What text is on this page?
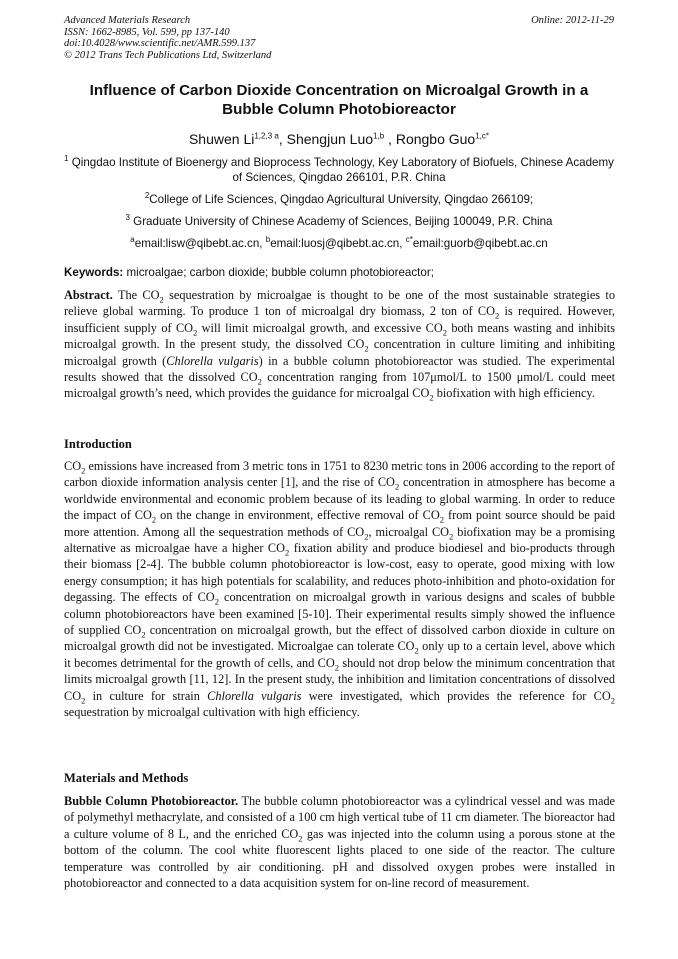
Advanced Materials Research
ISSN: 1662-8985, Vol. 599, pp 137-140
doi:10.4028/www.scientific.net/AMR.599.137
© 2012 Trans Tech Publications Ltd, Switzerland
Online: 2012-11-29
Influence of Carbon Dioxide Concentration on Microalgal Growth in a Bubble Column Photobioreactor
Shuwen $Li^{1,2,3 a}$, Shengjun Luo$^{1,b}$ , Rongbo Guo$^{1,c*}$
$^1$ Qingdao Institute of Bioenergy and Bioprocess Technology, Key Laboratory of Biofuels, Chinese Academy of Sciences, Qingdao 266101, P.R. China
$^2$College of Life Sciences, Qingdao Agricultural University, Qingdao 266109;
$^3$ Graduate University of Chinese Academy of Sciences, Beijing 100049, P.R. China
$^a$email:lisw@qibebt.ac.cn, $^b$email:luosj@qibebt.ac.cn, $^{c*}$email:guorb@qibebt.ac.cn
Keywords: microalgae; carbon dioxide; bubble column photobioreactor;
Abstract. The $CO_2$ sequestration by microalgae is thought to be one of the most sustainable strategies to relieve global warming. To produce 1 ton of microalgal dry biomass, 2 ton of $CO_2$ is required. However, insufficient supply of $CO_2$ will limit microalgal growth, and excessive $CO_2$ both means wasting and inhibits microalgal growth. In the present study, the dissolved $CO_2$ concentration in culture limiting and inhibiting microalgal growth (Chlorella vulgaris) in a bubble column photobioreactor was studied. The experimental results showed that the dissolved $CO_2$ concentration ranging from 107μmol/L to 1500 μmol/L could meet microalgal growth’s need, which provides the guidance for microalgal $CO_2$ biofixation with high efficiency.
Introduction
$CO_2$ emissions have increased from 3 metric tons in 1751 to 8230 metric tons in 2006 according to the report of carbon dioxide information analysis center [1], and the rise of $CO_2$ concentration in atmosphere has become a worldwide environmental and economic problem because of its leading to global warming. In order to reduce the impact of $CO_2$ on the change in environment, effective removal of $CO_2$ from point source should be paid more attention. Among all the sequestration methods of $CO_2$, microalgal $CO_2$ biofixation may be a promising alternative as microalgae have a higher $CO_2$ fixation ability and produce biodiesel and bio-products through their biomass [2-4]. The bubble column photobioreactor is low-cost, easy to operate, good mixing with low energy consumption; it has high potentials for scalability, and reduces photo-inhibition and photo-oxidation for degassing. The effects of $CO_2$ concentration on microalgal growth in various designs and scales of bubble column photobioreactors have been examined [5-10]. Their experimental results simply showed the influence of supplied $CO_2$ concentration on microalgal growth, but the effect of dissolved carbon dioxide in culture on microalgal growth did not be investigated. Microalgae can tolerate $CO_2$ only up to a certain level, above which it becomes detrimental for the growth of cells, and $CO_2$ should not drop below the minimum concentration that limits microalgal growth [11, 12]. In the present study, the inhibition and limitation concentrations of dissolved $CO_2$ in culture for strain Chlorella vulgaris were investigated, which provides the reference for $CO_2$ sequestration by microalgal cultivation with high efficiency.
Materials and Methods
Bubble Column Photobioreactor. The bubble column photobioreactor was a cylindrical vessel and was made of polymethyl methacrylate, and consisted of a 100 cm high vertical tube of 11 cm diameter. The bioreactor had a culture volume of 8 L, and the enriched $CO_2$ gas was injected into the column using a porous stone at the bottom of the column. The cool white fluorescent lights placed to one side of the reactor. The culture temperature was controlled by air conditioning. pH and dissolved oxygen probes were installed in photobioreactor and connected to a data acquisition system for on-line record of measurement.
